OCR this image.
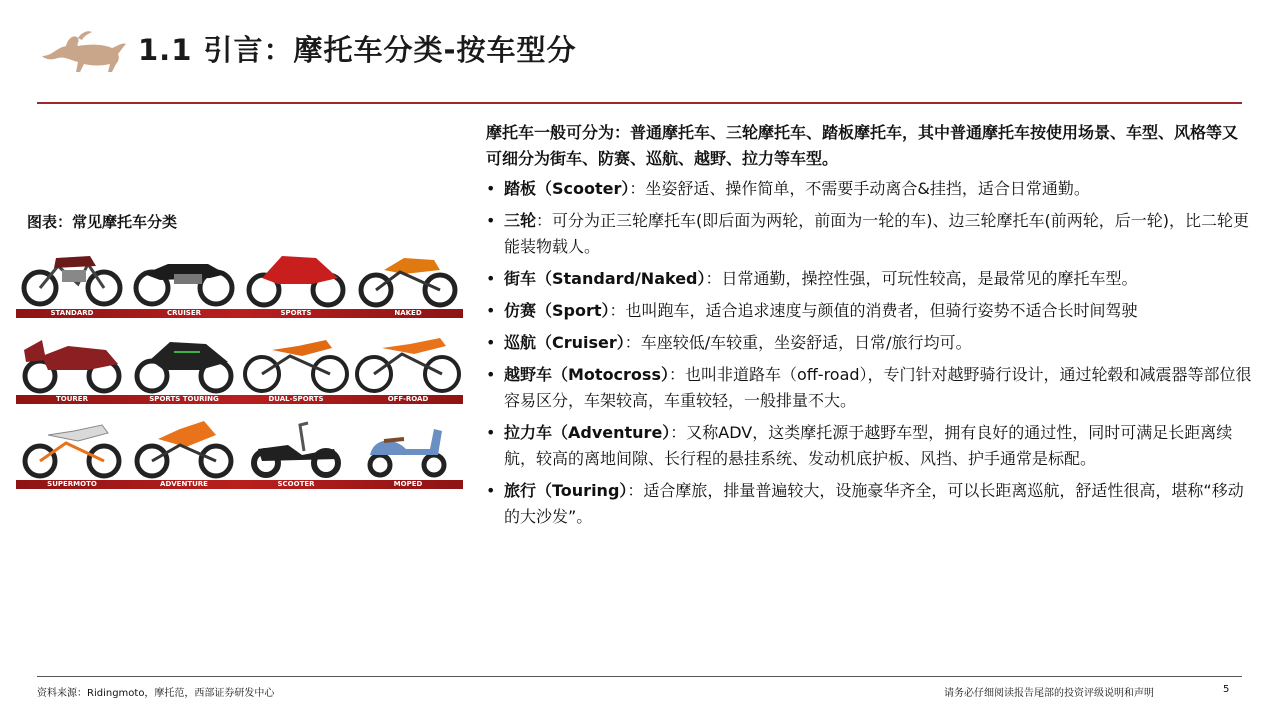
1.1 引言：摩托车分类-按车型分
图表：常见摩托车分类
STANDARD	CRUISER	SPORTS	NAKED
TOURER	SPORTS TOURING	DUAL-SPORTS	OFF-ROAD
SUPERMOTO	ADVENTURE	SCOOTER	MOPED
摩托车一般可分为：普通摩托车、三轮摩托车、踏板摩托车，其中普通摩托车按使用场景、车型、风格等又可细分为街车、防赛、巡航、越野、拉力等车型。
• 踏板（Scooter）：坐姿舒适、操作简单，不需要手动离合&挂挡，适合日常通勤。
• 三轮：可分为正三轮摩托车(即后面为两轮，前面为一轮的车)、边三轮摩托车(前两轮，后一轮)，比二轮更能装物载人。
• 街车（Standard/Naked）：日常通勤，操控性强，可玩性较高，是最常见的摩托车型。
• 仿赛（Sport）：也叫跑车，适合追求速度与颜值的消费者，但骑行姿势不适合长时间驾驶
• 巡航（Cruiser）：车座较低/车较重，坐姿舒适，日常/旅行均可。
• 越野车（Motocross）：也叫非道路车（off-road），专门针对越野骑行设计，通过轮毂和减震器等部位很容易区分，车架较高，车重较轻，一般排量不大。
• 拉力车（Adventure）：又称ADV，这类摩托源于越野车型，拥有良好的通过性，同时可满足长距离续航，较高的离地间隙、长行程的悬挂系统、发动机底护板、风挡、护手通常是标配。
• 旅行（Touring）：适合摩旅，排量普遍较大，设施豪华齐全，可以长距离巡航，舒适性很高，堪称“移动的大沙发”。
资料来源：Ridingmoto，摩托范，西部证券研发中心	请务必仔细阅读报告尾部的投资评级说明和声明	5
